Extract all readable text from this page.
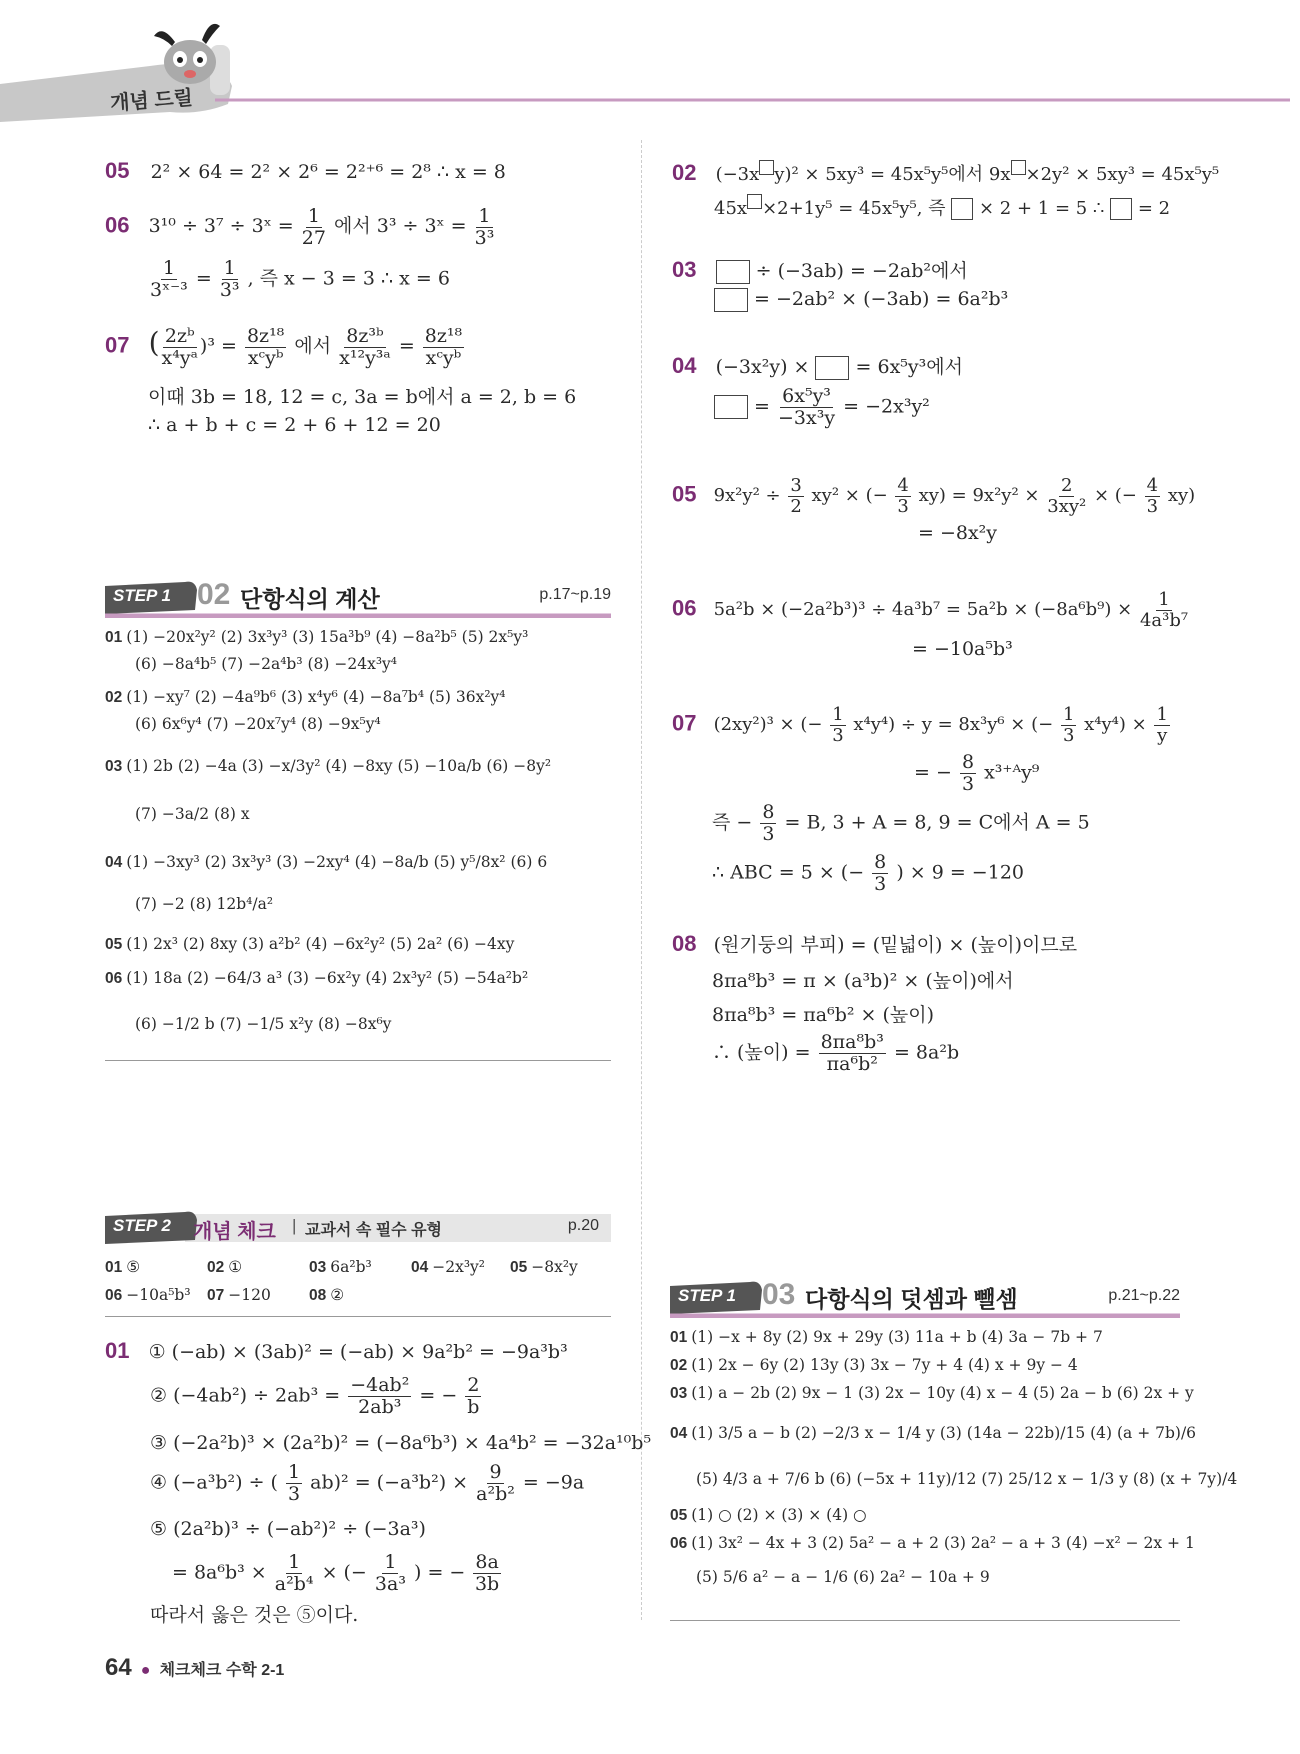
개념 드릴
05 2² × 64 = 2² × 2⁶ = 2²⁺⁶ = 2⁸ ∴ x = 8
06 3¹⁰ ÷ 3⁷ ÷ 3ˣ = $\frac{1}{27}$ 에서 3³ ÷ 3ˣ = $\frac{1}{\text{3³}}$
$\frac{1}{\text{3ˣ⁻³}} = \frac{1}{\text{3³}}$ , 즉 x − 3 = 3 ∴ x = 6
07 ( $\frac{\text{2zᵇ}}{\text{x⁴yᵃ}} )^3 = \frac{\text{8z¹⁸}}{\text{xᶜyᵇ}}$ 에서 $\frac{\text{8z³ᵇ}}{\text{x¹²y³ᵃ}} = \frac{\text{8z¹⁸}}{\text{xᶜyᵇ}}$
이때 3b = 18, 12 = c, 3a = b에서 a = 2, b = 6
∴ a + b + c = 2 + 6 + 12 = 20
STEP 1 02 단항식의 계산	p.17~p.19
01 (1) −20x²y² (2) 3x³y³ (3) 15a³b⁹ (4) −8a²b⁵ (5) 2x⁵y³
(6) −8a⁴b⁵ (7) −2a⁴b³ (8) −24x³y⁴
02 (1) −xy⁷ (2) −4a⁹b⁶ (3) x⁴y⁶ (4) −8a⁷b⁴ (5) 36x²y⁴
(6) 6x⁶y⁴ (7) −20x⁷y⁴ (8) −9x⁵y⁴
03 (1) 2b (2) −4a (3) −x/3y² (4) −8xy (5) −10a/b (6) −8y²
(7) −3a/2 (8) x
04 (1) −3xy³ (2) 3x³y³ (3) −2xy⁴ (4) −8a/b (5) y⁵/8x² (6) 6
(7) −2 (8) 12b⁴/a²
05 (1) 2x³ (2) 8xy (3) a²b² (4) −6x²y² (5) 2a² (6) −4xy
06 (1) 18a (2) −64/3 a³ (3) −6x²y (4) 2x³y² (5) −54a²b²
(6) −1/2 b (7) −1/5 x²y (8) −8x⁶y
STEP 2 개념 체크 | 교과서 속 필수 유형	p.20
01 ⑤	02 ①	03 6a²b³	04 −2x³y² 05 −8x²y
06 −10a⁵b³ 07 −120 08 ②
01 ① (−ab) × (3ab)² = (−ab) × 9a²b² = −9a³b³
② $(-4ab^2) \div 2ab^3 = \frac{\text{−4ab²}}{\text{2ab³}}$ = − $\frac{2}{b}$
③ (−2a²b)³ × (2a²b)² = (−8a⁶b³) × 4a⁴b² = −32a¹⁰b⁵
④ (−a³b²) ÷ ( $\frac{1}{3} ab)^2 = (-a^3b^2) \times \frac{9}{\text{a²b²}} = -9a$
⑤ (2a²b)³ ÷ (−ab²)² ÷ (−3a³)
= $8a^6b^3 \times \frac{1}{\text{a²b⁴}}$ × (− $\frac{1}{\text{3a³}}$ ) = − $\frac{8a}{3b}$
따라서 옳은 것은 ⑤이다.
02 (−3x y)² × 5xy³ = 45x⁵y⁵에서 9x ×2y² × 5xy³ = 45x⁵y⁵
45x ×2+1y⁵ = 45x⁵y⁵, 즉 × 2 + 1 = 5 ∴ = 2
03	÷ (−3ab) = −2ab²에서
= −2ab² × (−3ab) = 6a²b³
04 (−3x²y) × = 6x⁵y³에서
= $\frac{\text{6x⁵y³}}{\text{−3x³y}} = -2x^3y^2$
05 $9x^2y^2 \div \frac{3}{2} xy^2$ × (− $\frac{4}{3} xy) = 9x^2y^2 \times \frac{2}{\text{3xy²}}$ × (− $\frac{4}{3} xy$)
= −8x²y
06 $5a^2b \times (-2a^2b^3)^3 \div 4a^3b^7 = 5a^2b \times (-8a^6b^9) \times \frac{1}{\text{4a³b⁷}}$
= −10a⁵b³
07 (2xy²)³ × (− $\frac{1}{3} x^4y^4) \div y = 8x^3y^6$ × (− $\frac{1}{3} x^4y^4) \times \frac{1}{y}$
= − $\frac{8}{3}$ x³⁺ᴬy⁹
즉 − $\frac{8}{3} = B$, 3 + A = 8, 9 = C에서 A = 5
∴ ABC = 5 × (− $\frac{8}{3}$ ) × 9 = −120
08 (원기둥의 부피) = (밑넓이) × (높이)이므로
8πa⁸b³ = π × (a³b)² × (높이)에서
8πa⁸b³ = πa⁶b² × (높이)
∴ (높이) = $\frac{\text{8πa⁸b³}}{\text{πa⁶b²}} = 8a^2b$
STEP 1 03 다항식의 덧셈과 뺄셈	p.21~p.22
01 (1) −x + 8y (2) 9x + 29y (3) 11a + b (4) 3a − 7b + 7
02 (1) 2x − 6y (2) 13y (3) 3x − 7y + 4 (4) x + 9y − 4
03 (1) a − 2b (2) 9x − 1 (3) 2x − 10y (4) x − 4 (5) 2a − b (6) 2x + y
04 (1) 3/5 a − b (2) −2/3 x − 1/4 y (3) (14a − 22b)/15 (4) (a + 7b)/6
(5) 4/3 a + 7/6 b (6) (−5x + 11y)/12 (7) 25/12 x − 1/3 y (8) (x + 7y)/4
05 (1) ○ (2) × (3) × (4) ○
06 (1) 3x² − 4x + 3 (2) 5a² − a + 2 (3) 2a² − a + 3 (4) −x² − 2x + 1
(5) 5/6 a² − a − 1/6 (6) 2a² − 10a + 9
64 ● 체크체크 수학 2-1
